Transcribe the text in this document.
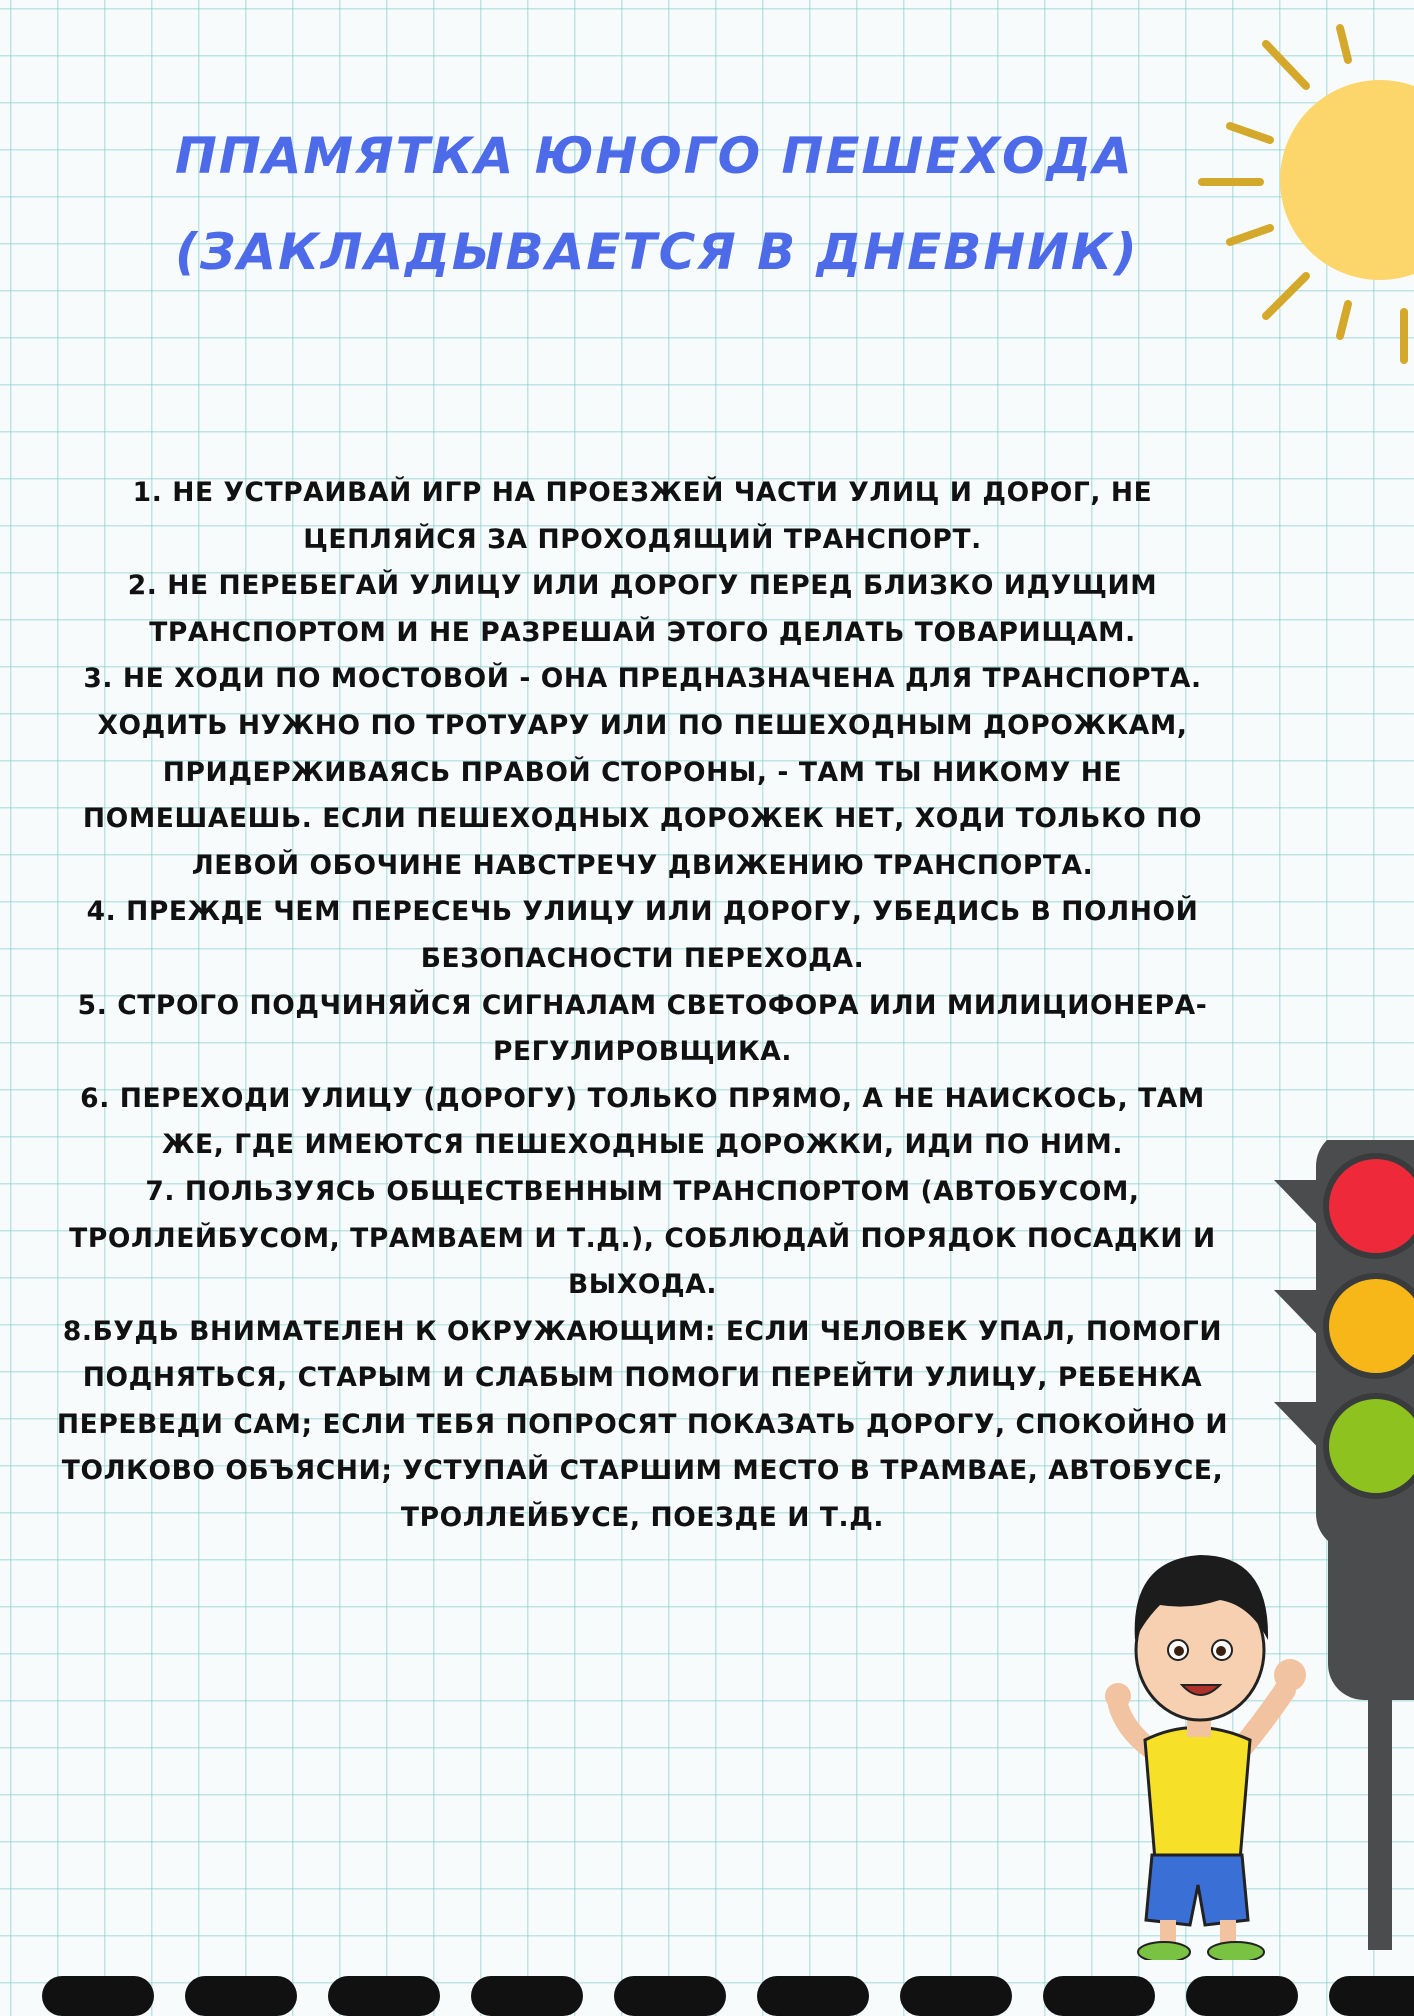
ППАМЯТКА ЮНОГО ПЕШЕХОДА
(ЗАКЛАДЫВАЕТСЯ В ДНЕВНИК)

1. НЕ УСТРАИВАЙ ИГР НА ПРОЕЗЖЕЙ ЧАСТИ УЛИЦ И ДОРОГ, НЕ ЦЕПЛЯЙСЯ ЗА ПРОХОДЯЩИЙ ТРАНСПОРТ.

2. НЕ ПЕРЕБЕГАЙ УЛИЦУ ИЛИ ДОРОГУ ПЕРЕД БЛИЗКО ИДУЩИМ ТРАНСПОРТОМ И НЕ РАЗРЕШАЙ ЭТОГО ДЕЛАТЬ ТОВАРИЩАМ.

3. НЕ ХОДИ ПО МОСТОВОЙ - ОНА ПРЕДНАЗНАЧЕНА ДЛЯ ТРАНСПОРТА. ХОДИТЬ НУЖНО ПО ТРОТУАРУ ИЛИ ПО ПЕШЕХОДНЫМ ДОРОЖКАМ, ПРИДЕРЖИВАЯСЬ ПРАВОЙ СТОРОНЫ, - ТАМ ТЫ НИКОМУ НЕ ПОМЕШАЕШЬ. ЕСЛИ ПЕШЕХОДНЫХ ДОРОЖЕК НЕТ, ХОДИ ТОЛЬКО ПО ЛЕВОЙ ОБОЧИНЕ НАВСТРЕЧУ ДВИЖЕНИЮ ТРАНСПОРТА.

4. ПРЕЖДЕ ЧЕМ ПЕРЕСЕЧЬ УЛИЦУ ИЛИ ДОРОГУ, УБЕДИСЬ В ПОЛНОЙ БЕЗОПАСНОСТИ ПЕРЕХОДА.

5. СТРОГО ПОДЧИНЯЙСЯ СИГНАЛАМ СВЕТОФОРА ИЛИ МИЛИЦИОНЕРА-РЕГУЛИРОВЩИКА.

6. ПЕРЕХОДИ УЛИЦУ (ДОРОГУ) ТОЛЬКО ПРЯМО, А НЕ НАИСКОСЬ, ТАМ ЖЕ, ГДЕ ИМЕЮТСЯ ПЕШЕХОДНЫЕ ДОРОЖКИ, ИДИ ПО НИМ.

7. ПОЛЬЗУЯСЬ ОБЩЕСТВЕННЫМ ТРАНСПОРТОМ (АВТОБУСОМ, ТРОЛЛЕЙБУСОМ, ТРАМВАЕМ И Т.Д.), СОБЛЮДАЙ ПОРЯДОК ПОСАДКИ И ВЫХОДА.

8.БУДЬ ВНИМАТЕЛЕН К ОКРУЖАЮЩИМ: ЕСЛИ ЧЕЛОВЕК УПАЛ, ПОМОГИ ПОДНЯТЬСЯ, СТАРЫМ И СЛАБЫМ ПОМОГИ ПЕРЕЙТИ УЛИЦУ, РЕБЕНКА ПЕРЕВЕДИ САМ; ЕСЛИ ТЕБЯ ПОПРОСЯТ ПОКАЗАТЬ ДОРОГУ, СПОКОЙНО И ТОЛКОВО ОБЪЯСНИ; УСТУПАЙ СТАРШИМ МЕСТО В ТРАМВАЕ, АВТОБУСЕ, ТРОЛЛЕЙБУСЕ, ПОЕЗДЕ И Т.Д.
